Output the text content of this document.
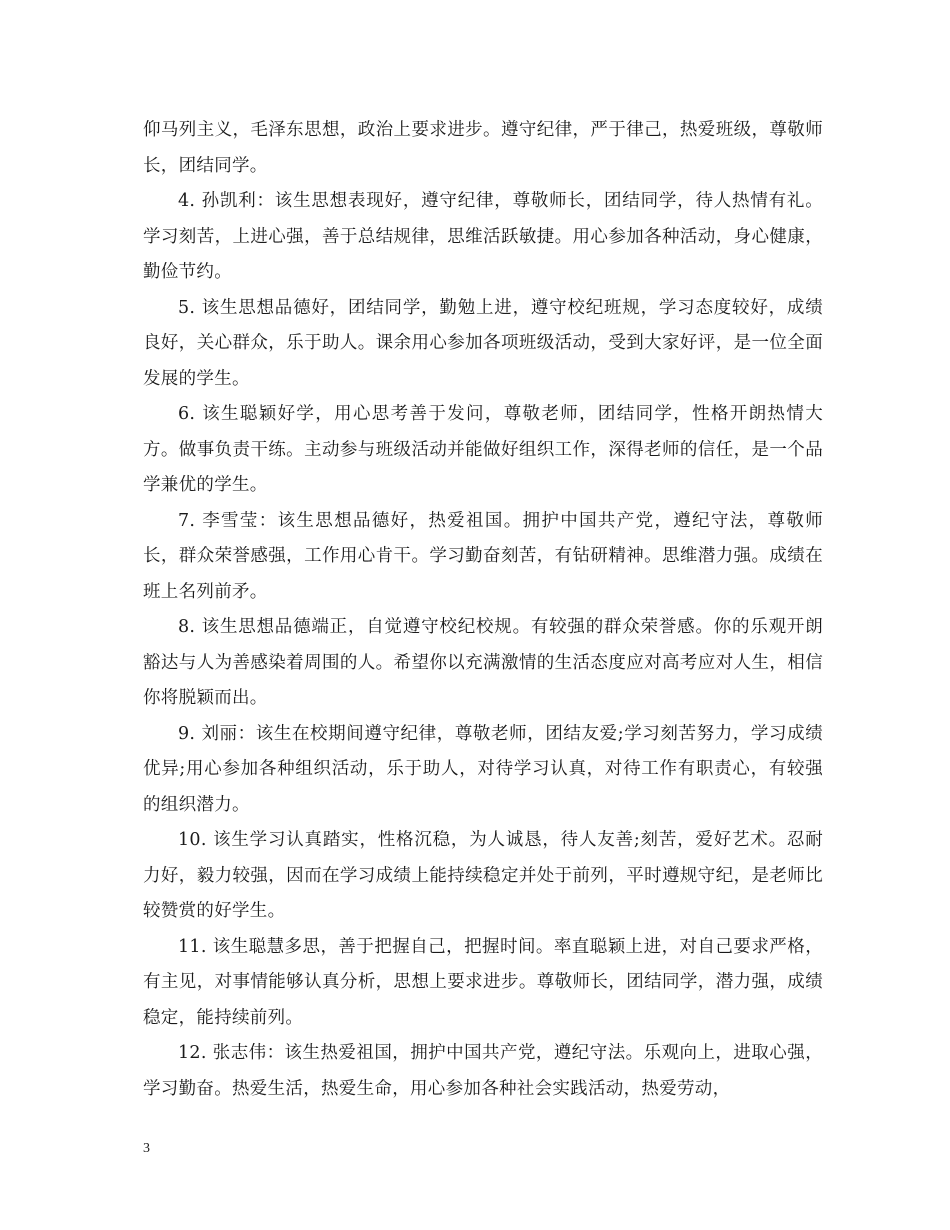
仰马列主义，毛泽东思想，政治上要求进步。遵守纪律，严于律己，热爱班级，尊敬师长，团结同学。

4. 孙凯利：该生思想表现好，遵守纪律，尊敬师长，团结同学，待人热情有礼。学习刻苦，上进心强，善于总结规律，思维活跃敏捷。用心参加各种活动，身心健康，勤俭节约。

5. 该生思想品德好，团结同学，勤勉上进，遵守校纪班规，学习态度较好，成绩良好，关心群众，乐于助人。课余用心参加各项班级活动，受到大家好评，是一位全面发展的学生。

6. 该生聪颖好学，用心思考善于发问，尊敬老师，团结同学，性格开朗热情大方。做事负责干练。主动参与班级活动并能做好组织工作，深得老师的信任，是一个品学兼优的学生。

7. 李雪莹：该生思想品德好，热爱祖国。拥护中国共产党，遵纪守法，尊敬师长，群众荣誉感强，工作用心肯干。学习勤奋刻苦，有钻研精神。思维潜力强。成绩在班上名列前矛。

8. 该生思想品德端正，自觉遵守校纪校规。有较强的群众荣誉感。你的乐观开朗豁达与人为善感染着周围的人。希望你以充满激情的生活态度应对高考应对人生，相信你将脱颖而出。

9. 刘丽：该生在校期间遵守纪律，尊敬老师，团结友爱;学习刻苦努力，学习成绩优异;用心参加各种组织活动，乐于助人，对待学习认真，对待工作有职责心，有较强的组织潜力。

10. 该生学习认真踏实，性格沉稳，为人诚恳，待人友善;刻苦，爱好艺术。忍耐力好，毅力较强，因而在学习成绩上能持续稳定并处于前列，平时遵规守纪，是老师比较赞赏的好学生。

11. 该生聪慧多思，善于把握自己，把握时间。率直聪颖上进，对自己要求严格，有主见，对事情能够认真分析，思想上要求进步。尊敬师长，团结同学，潜力强，成绩稳定，能持续前列。

12. 张志伟：该生热爱祖国，拥护中国共产党，遵纪守法。乐观向上，进取心强，学习勤奋。热爱生活，热爱生命，用心参加各种社会实践活动，热爱劳动，

3
